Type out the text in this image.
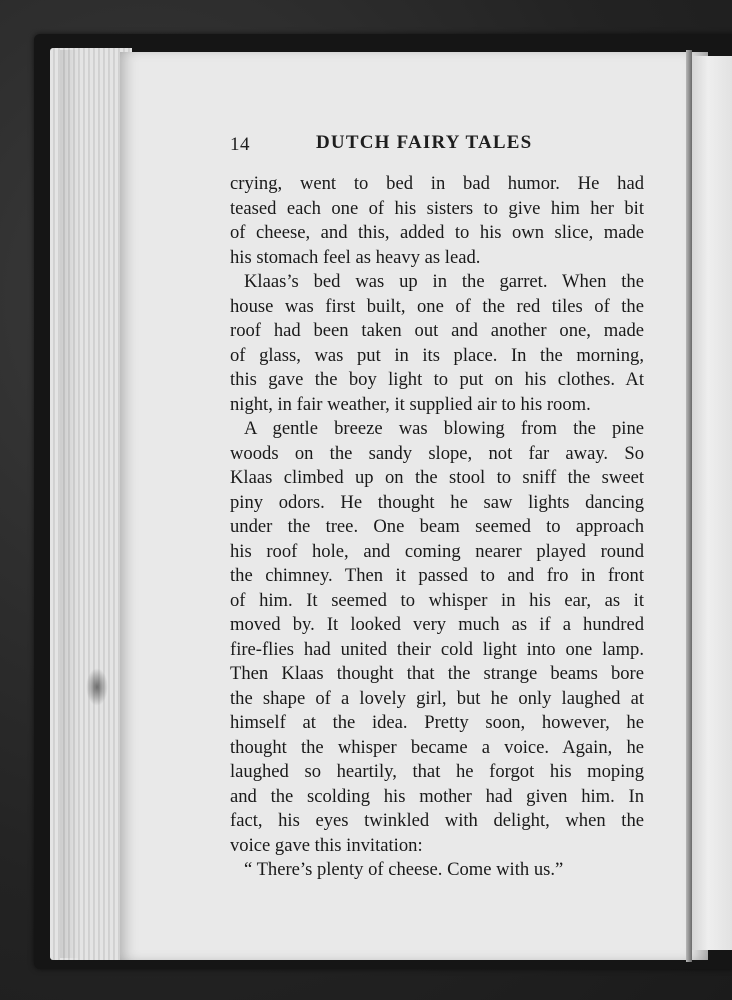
14	DUTCH FAIRY TALES
crying, went to bed in bad humor. He had
teased each one of his sisters to give him her bit
of cheese, and this, added to his own slice, made
his stomach feel as heavy as lead.
Klaas’s bed was up in the garret. When the
house was first built, one of the red tiles of the
roof had been taken out and another one, made
of glass, was put in its place. In the morning,
this gave the boy light to put on his clothes. At
night, in fair weather, it supplied air to his room.
A gentle breeze was blowing from the pine
woods on the sandy slope, not far away. So
Klaas climbed up on the stool to sniff the sweet
piny odors. He thought he saw lights dancing
under the tree. One beam seemed to approach
his roof hole, and coming nearer played round
the chimney. Then it passed to and fro in front
of him. It seemed to whisper in his ear, as it
moved by. It looked very much as if a hundred
fire-flies had united their cold light into one lamp.
Then Klaas thought that the strange beams bore
the shape of a lovely girl, but he only laughed at
himself at the idea. Pretty soon, however, he
thought the whisper became a voice. Again, he
laughed so heartily, that he forgot his moping
and the scolding his mother had given him. In
fact, his eyes twinkled with delight, when the
voice gave this invitation:
“ There’s plenty of cheese. Come with us.”
